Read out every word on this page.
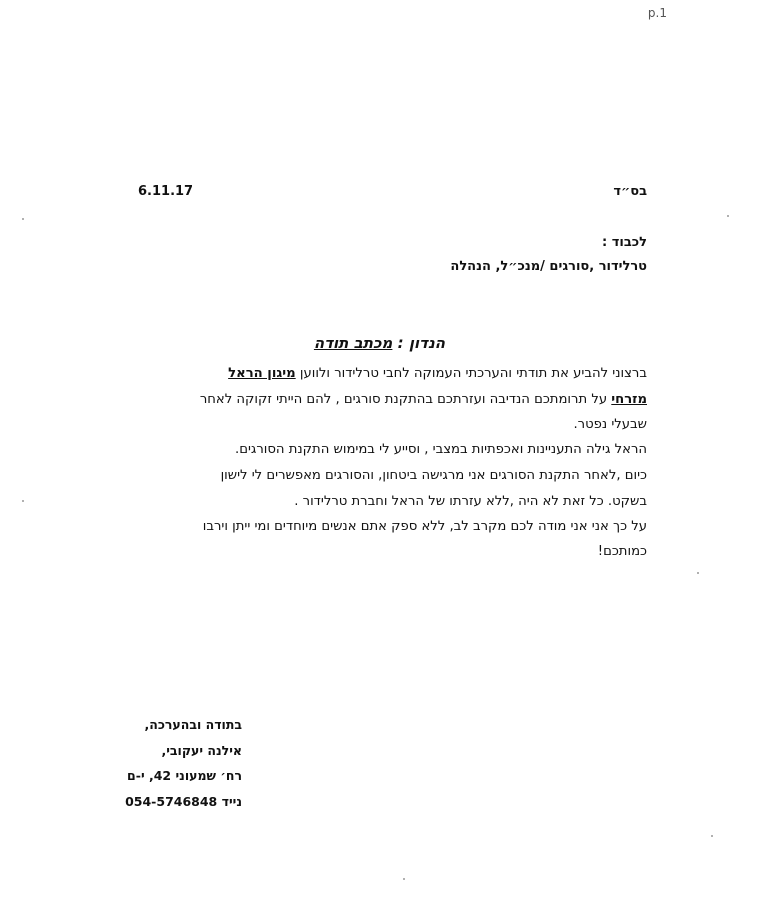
p.1
6.11.17	בס״ד
לכבוד :
טרלידור ,סורגים /מנכ״ל, הנהלה
הנדון : מכתב תודה
ברצוני להביע את תודתי והערכתי העמוקה לחבי טרלידור ולווען מיגון הראל
מזרחי על תרומתכם הנדיבה ועזרתכם בהתקנת סורגים , להם הייתי זקוקה לאחר
שבעלי נפטר.
הראל גילה התעניינות ואכפתיות במצבי , וסייע לי במימוש התקנת הסורגים.
כיום ,לאחר התקנת הסורגים אני מרגישה ביטחון, והסורגים מאפשרים לי לישון
בשקט. כל זאת לא היה ,ללא עזרתו של הראל וחברת טרלידור .
על כך אני אני מודה לכם מקרב לב, ללא ספק אתם אנשים מיוחדים ומי ייתן וירבו
כמותכם!
בתודה ובהערכה,
אילנה יעקובי,
רח׳ שמעוני 42, י-ם
נייד 054-5746848
